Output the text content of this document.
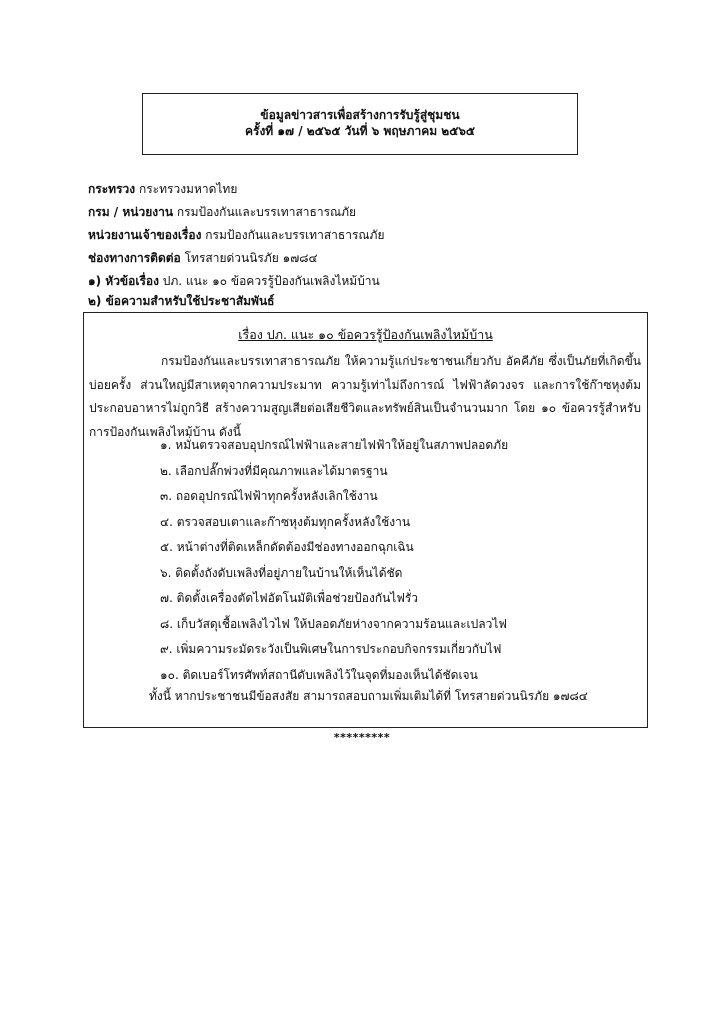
ข้อมูลข่าวสารเพื่อสร้างการรับรู้สู่ชุมชน
ครั้งที่ ๑๗ / ๒๕๖๕ วันที่ ๖ พฤษภาคม ๒๕๖๕
กระทรวง กระทรวงมหาดไทย
กรม / หน่วยงาน กรมป้องกันและบรรเทาสาธารณภัย
หน่วยงานเจ้าของเรื่อง กรมป้องกันและบรรเทาสาธารณภัย
ช่องทางการติดต่อ โทรสายด่วนนิรภัย ๑๗๘๔
๑) หัวข้อเรื่อง ปภ. แนะ ๑๐ ข้อควรรู้ป้องกันเพลิงไหม้บ้าน
๒) ข้อความสำหรับใช้ประชาสัมพันธ์
เรื่อง ปภ. แนะ ๑๐ ข้อควรรู้ป้องกันเพลิงไหม้บ้าน
กรมป้องกันและบรรเทาสาธารณภัย ให้ความรู้แก่ประชาชนเกี่ยวกับ อัคคีภัย ซึ่งเป็นภัยที่เกิดขึ้นบ่อยครั้ง ส่วนใหญ่มีสาเหตุจากความประมาท ความรู้เท่าไม่ถึงการณ์ ไฟฟ้าลัดวงจร และการใช้ก๊าซหุงต้มประกอบอาหารไม่ถูกวิธี สร้างความสูญเสียต่อเสียชีวิตและทรัพย์สินเป็นจำนวนมาก โดย ๑๐ ข้อควรรู้สำหรับการป้องกันเพลิงไหม้บ้าน ดังนี้
๑. หมั่นตรวจสอบอุปกรณ์ไฟฟ้าและสายไฟฟ้าให้อยู่ในสภาพปลอดภัย
๒. เลือกปลั๊กพ่วงที่มีคุณภาพและได้มาตรฐาน
๓. ถอดอุปกรณ์ไฟฟ้าทุกครั้งหลังเลิกใช้งาน
๔. ตรวจสอบเตาและก๊าซหุงต้มทุกครั้งหลังใช้งาน
๕. หน้าต่างที่ติดเหล็กดัดต้องมีช่องทางออกฉุกเฉิน
๖. ติดตั้งถังดับเพลิงที่อยู่ภายในบ้านให้เห็นได้ชัด
๗. ติดตั้งเครื่องตัดไฟอัตโนมัติเพื่อช่วยป้องกันไฟรั่ว
๘. เก็บวัสดุเชื้อเพลิงไวไฟ ให้ปลอดภัยห่างจากความร้อนและเปลวไฟ
๙. เพิ่มความระมัดระวังเป็นพิเศษในการประกอบกิจกรรมเกี่ยวกับไฟ
๑๐. ติดเบอร์โทรศัพท์สถานีดับเพลิงไว้ในจุดที่มองเห็นได้ชัดเจน
ทั้งนี้ หากประชาชนมีข้อสงสัย สามารถสอบถามเพิ่มเติมได้ที่ โทรสายด่วนนิรภัย ๑๗๘๔
*********
